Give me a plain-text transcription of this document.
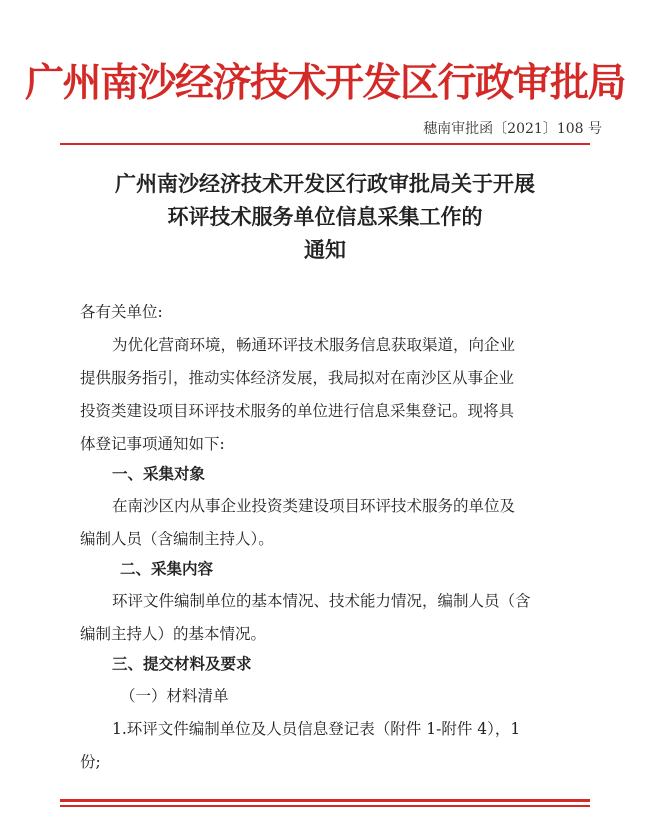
广州南沙经济技术开发区行政审批局
穗南审批函〔2021〕108 号
广州南沙经济技术开发区行政审批局关于开展
环评技术服务单位信息采集工作的
通知
各有关单位:
为优化营商环境，畅通环评技术服务信息获取渠道，向企业
提供服务指引，推动实体经济发展，我局拟对在南沙区从事企业
投资类建设项目环评技术服务的单位进行信息采集登记。现将具
体登记事项通知如下:
一、采集对象
在南沙区内从事企业投资类建设项目环评技术服务的单位及
编制人员（含编制主持人）。
二、采集内容
环评文件编制单位的基本情况、技术能力情况，编制人员（含
编制主持人）的基本情况。
三、提交材料及要求
（一）材料清单
1.环评文件编制单位及人员信息登记表（附件 1-附件 4），1
份;
